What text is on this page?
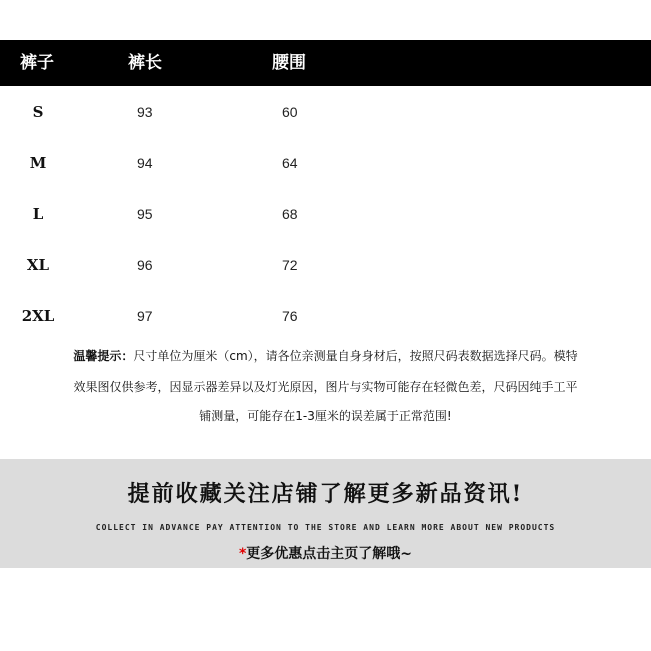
裤子	裤长	腰围
S	93	60
M	94	64
L	95	68
XL	96	72
2XL	97	76
温馨提示：尺寸单位为厘米（cm），请各位亲测量自身身材后，按照尺码表数据选择尺码。模特
效果图仅供参考，因显示器差异以及灯光原因，图片与实物可能存在轻微色差，尺码因纯手工平
铺测量，可能存在1-3厘米的误差属于正常范围!
提前收藏关注店铺了解更多新品资讯!
COLLECT IN ADVANCE PAY ATTENTION TO THE STORE AND LEARN MORE ABOUT NEW PRODUCTS
*更多优惠点击主页了解哦~
